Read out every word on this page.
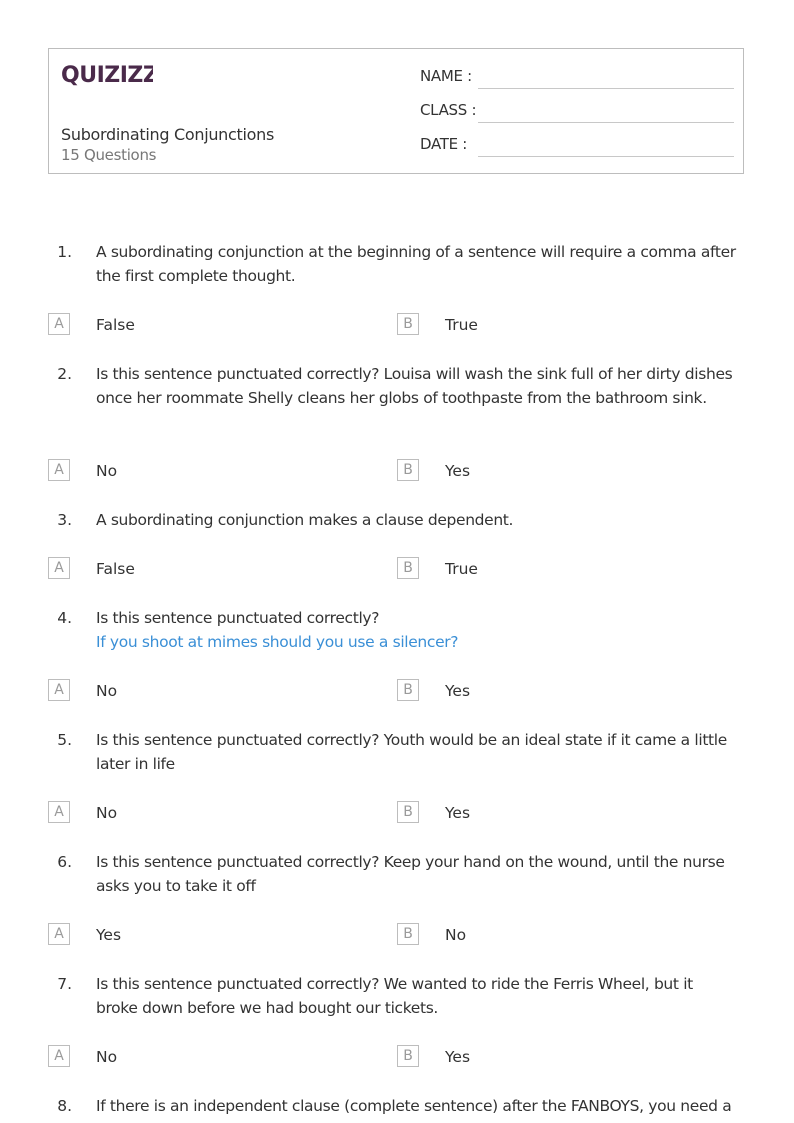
QUIZIZZ
Subordinating Conjunctions
15 Questions
NAME :
CLASS :
DATE :
1. A subordinating conjunction at the beginning of a sentence will require a comma after the first complete thought.
A	False	B	True
2. Is this sentence punctuated correctly? Louisa will wash the sink full of her dirty dishes once her roommate Shelly cleans her globs of toothpaste from the bathroom sink.
A	No	B	Yes
3. A subordinating conjunction makes a clause dependent.
A	False	B	True
4. Is this sentence punctuated correctly?
If you shoot at mimes should you use a silencer?
A	No	B	Yes
5. Is this sentence punctuated correctly? Youth would be an ideal state if it came a little later in life
A	No	B	Yes
6. Is this sentence punctuated correctly? Keep your hand on the wound, until the nurse asks you to take it off
A	Yes	B	No
7. Is this sentence punctuated correctly? We wanted to ride the Ferris Wheel, but it broke down before we had bought our tickets.
A	No	B	Yes
8. If there is an independent clause (complete sentence) after the FANBOYS, you need a
